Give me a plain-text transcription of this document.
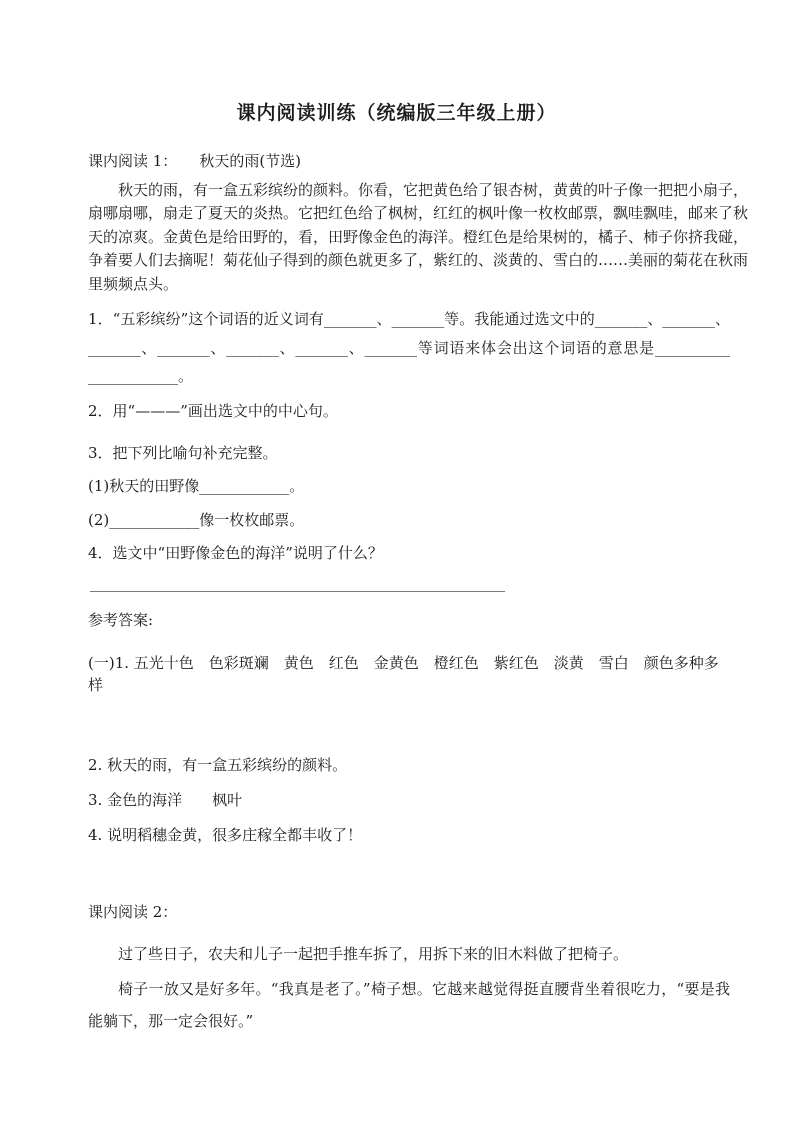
课内阅读训练（统编版三年级上册）
课内阅读 1： 秋天的雨(节选)
秋天的雨，有一盒五彩缤纷的颜料。你看，它把黄色给了银杏树，黄黄的叶子像一把把小扇子，
扇哪扇哪，扇走了夏天的炎热。它把红色给了枫树，红红的枫叶像一枚枚邮票，飘哇飘哇，邮来了秋
天的凉爽。金黄色是给田野的，看，田野像金色的海洋。橙红色是给果树的，橘子、柿子你挤我碰，
争着要人们去摘呢！菊花仙子得到的颜色就更多了，紫红的、淡黄的、雪白的……美丽的菊花在秋雨
里频频点头。
1．“五彩缤纷”这个词语的近义词有_______、_______等。我能通过选文中的_______、_______、
_______、_______、_______、_______、_______等词语来体会出这个词语的意思是__________
____________。
2．用“———”画出选文中的中心句。
3．把下列比喻句补充完整。
(1)秋天的田野像____________。
(2)____________像一枚枚邮票。
4．选文中“田野像金色的海洋”说明了什么？
参考答案:
(一)1. 五光十色　色彩斑斓　黄色　红色　金黄色　橙红色　紫红色　淡黄　雪白　颜色多种多样
2. 秋天的雨，有一盒五彩缤纷的颜料。
3. 金色的海洋　　枫叶
4. 说明稻穗金黄，很多庄稼全都丰收了！
课内阅读 2：
过了些日子，农夫和儿子一起把手推车拆了，用拆下来的旧木料做了把椅子。
椅子一放又是好多年。“我真是老了。”椅子想。它越来越觉得挺直腰背坐着很吃力，“要是我
能躺下，那一定会很好。”
